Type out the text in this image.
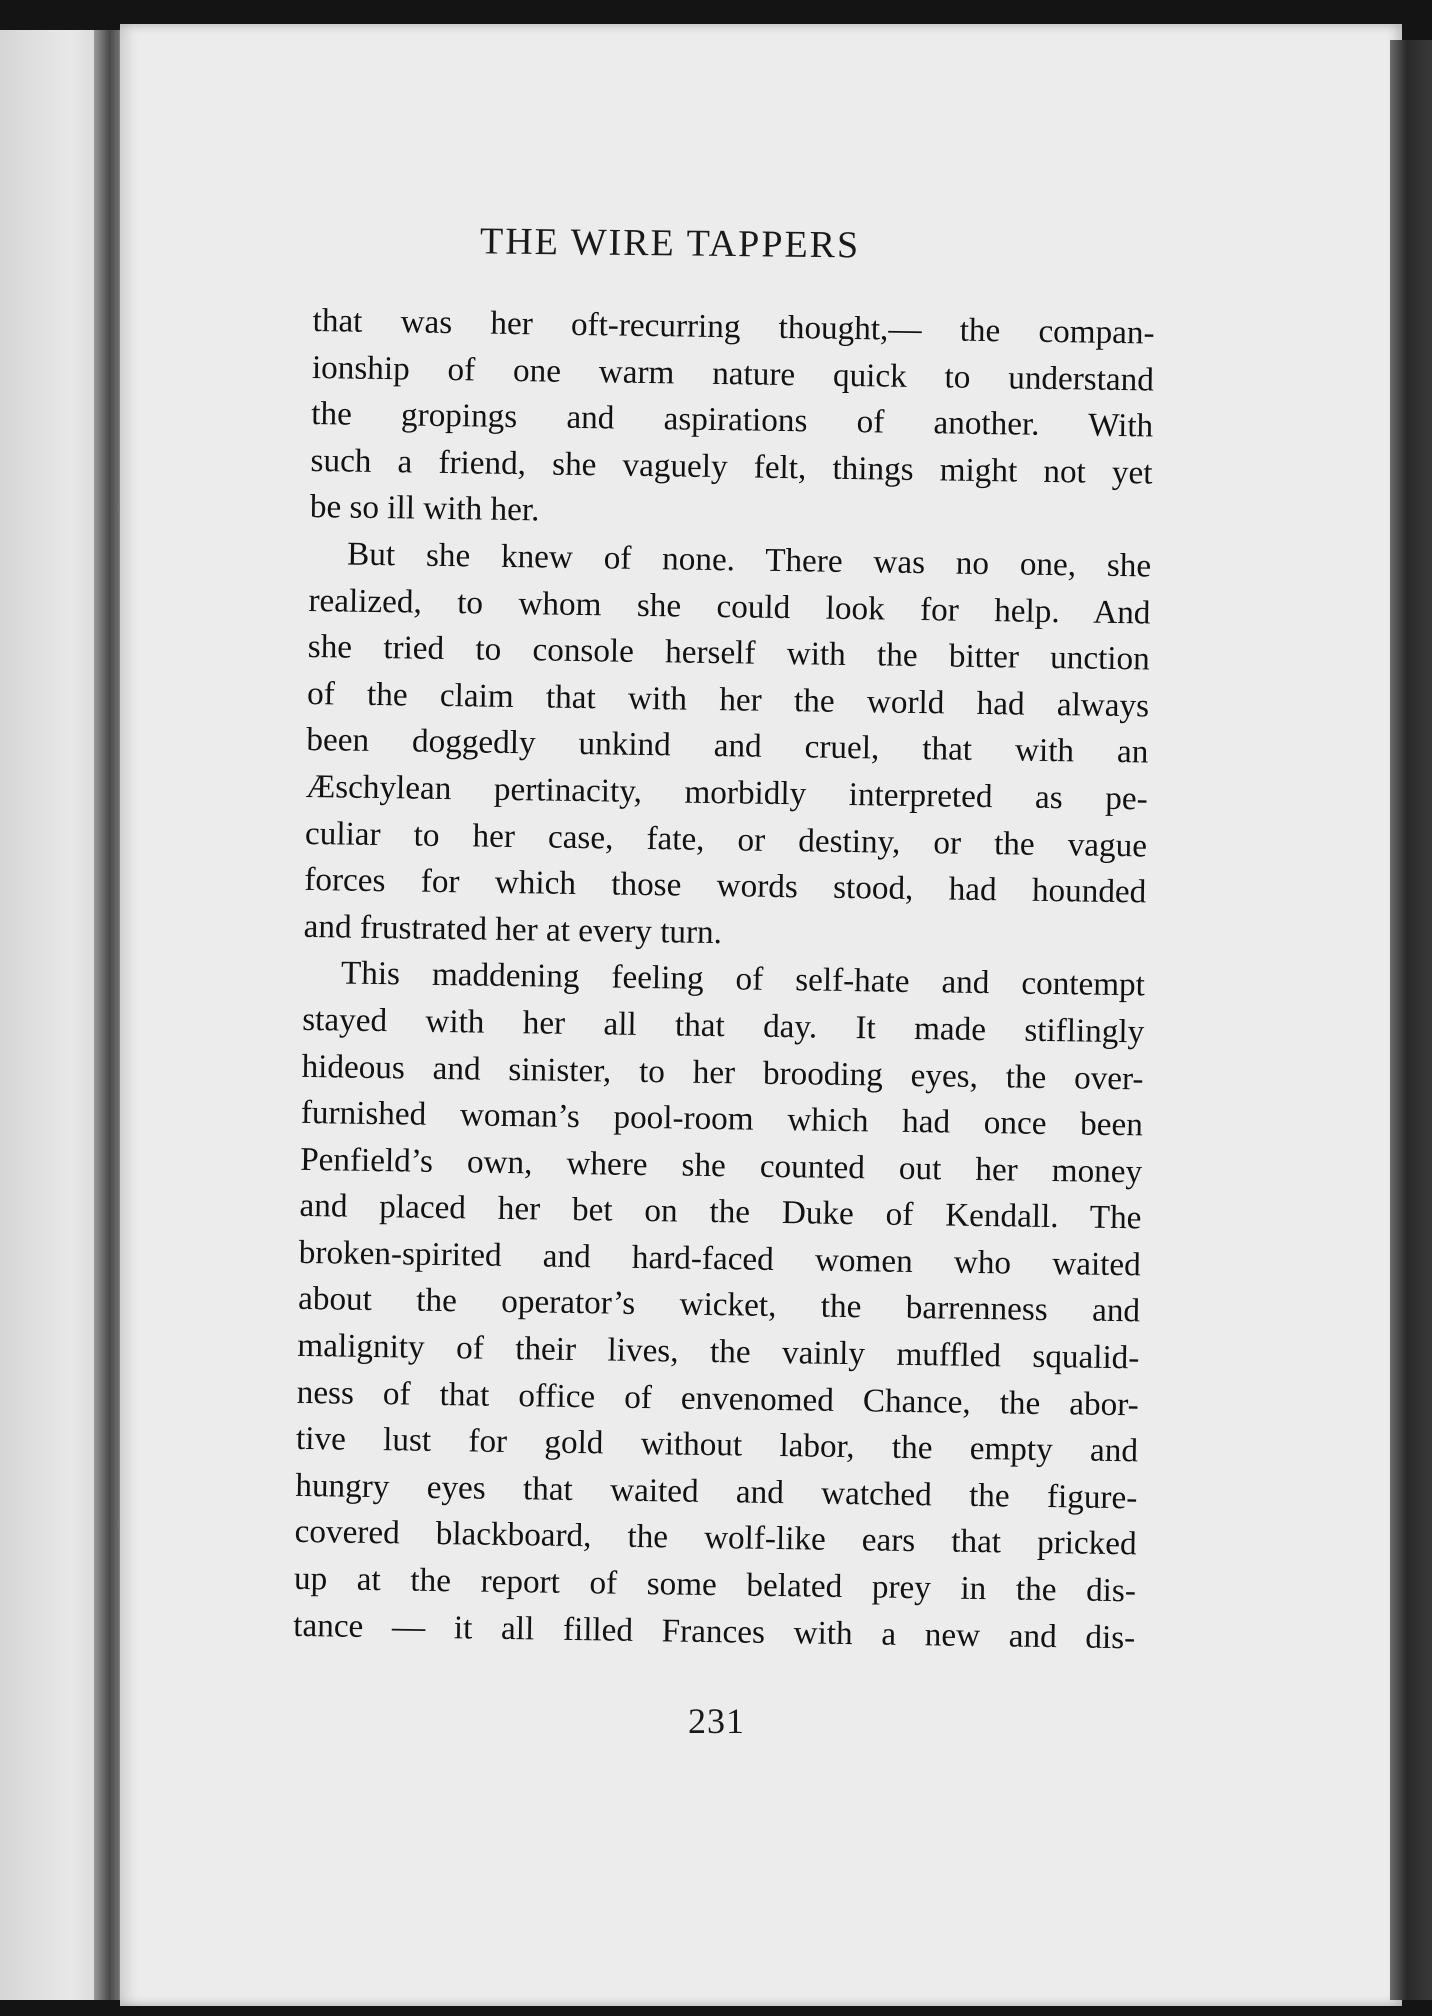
THE WIRE TAPPERS

that was her oft-recurring thought,— the compan-
ionship of one warm nature quick to understand
the gropings and aspirations of another. With
such a friend, she vaguely felt, things might not yet
be so ill with her.

But she knew of none. There was no one, she
realized, to whom she could look for help. And
she tried to console herself with the bitter unction
of the claim that with her the world had always
been doggedly unkind and cruel, that with an
Æschylean pertinacity, morbidly interpreted as pe-
culiar to her case, fate, or destiny, or the vague
forces for which those words stood, had hounded
and frustrated her at every turn.

This maddening feeling of self-hate and contempt
stayed with her all that day. It made stiflingly
hideous and sinister, to her brooding eyes, the over-
furnished woman’s pool-room which had once been
Penfield’s own, where she counted out her money
and placed her bet on the Duke of Kendall. The
broken-spirited and hard-faced women who waited
about the operator’s wicket, the barrenness and
malignity of their lives, the vainly muffled squalid-
ness of that office of envenomed Chance, the abor-
tive lust for gold without labor, the empty and
hungry eyes that waited and watched the figure-
covered blackboard, the wolf-like ears that pricked
up at the report of some belated prey in the dis-
tance — it all filled Frances with a new and dis-

231
